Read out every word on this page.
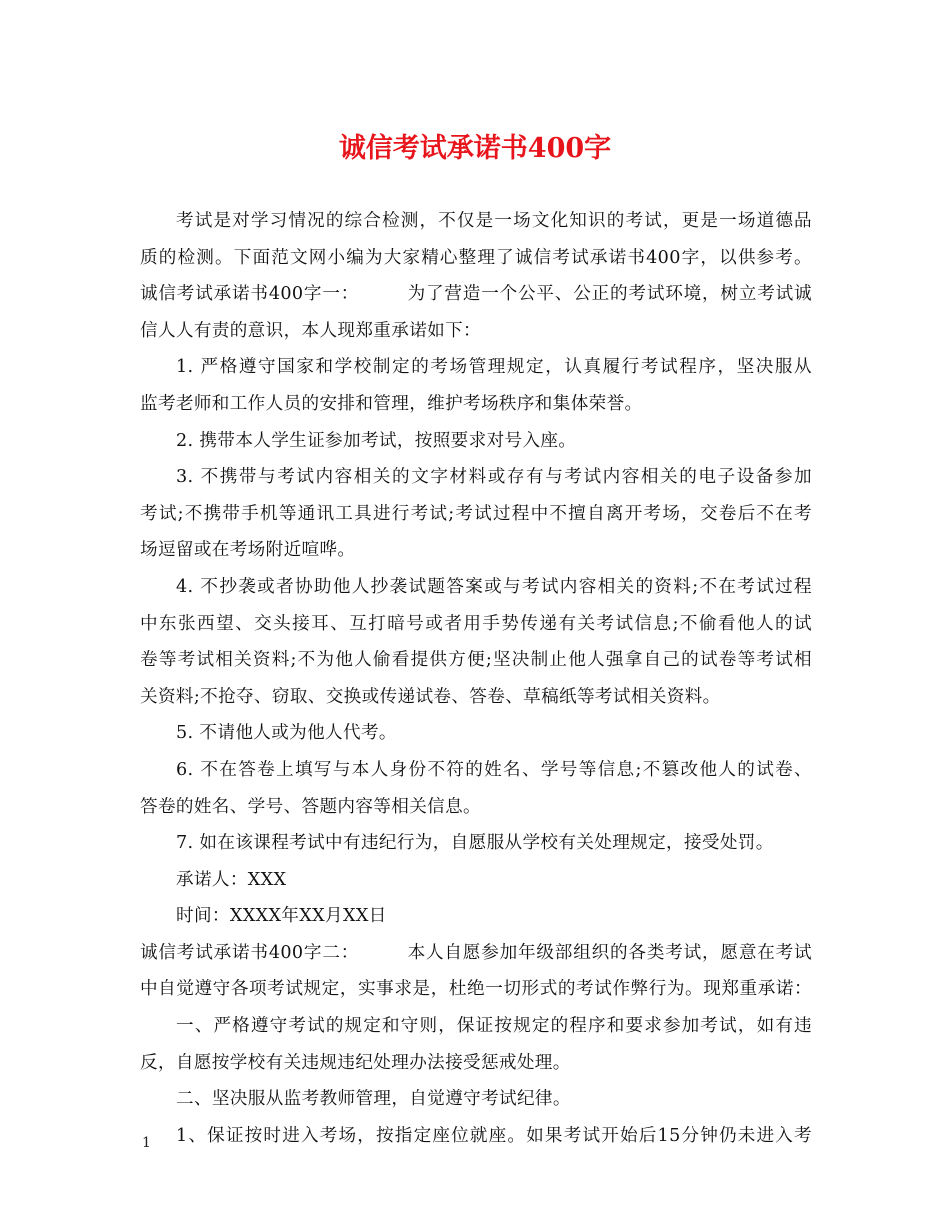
诚信考试承诺书400字
考试是对学习情况的综合检测，不仅是一场文化知识的考试，更是一场道德品
质的检测。下面范文网小编为大家精心整理了诚信考试承诺书400字，以供参考。
诚信考试承诺书400字一：	为了营造一个公平、公正的考试环境，树立考试诚
信人人有责的意识，本人现郑重承诺如下：
1. 严格遵守国家和学校制定的考场管理规定，认真履行考试程序，坚决服从
监考老师和工作人员的安排和管理，维护考场秩序和集体荣誉。
2. 携带本人学生证参加考试，按照要求对号入座。
3. 不携带与考试内容相关的文字材料或存有与考试内容相关的电子设备参加
考试;不携带手机等通讯工具进行考试;考试过程中不擅自离开考场，交卷后不在考
场逗留或在考场附近喧哗。
4. 不抄袭或者协助他人抄袭试题答案或与考试内容相关的资料;不在考试过程
中东张西望、交头接耳、互打暗号或者用手势传递有关考试信息;不偷看他人的试
卷等考试相关资料;不为他人偷看提供方便;坚决制止他人强拿自己的试卷等考试相
关资料;不抢夺、窃取、交换或传递试卷、答卷、草稿纸等考试相关资料。
5. 不请他人或为他人代考。
6. 不在答卷上填写与本人身份不符的姓名、学号等信息;不篡改他人的试卷、
答卷的姓名、学号、答题内容等相关信息。
7. 如在该课程考试中有违纪行为，自愿服从学校有关处理规定，接受处罚。
承诺人：XXX
时间：XXXX年XX月XX日
诚信考试承诺书400字二：	本人自愿参加年级部组织的各类考试，愿意在考试
中自觉遵守各项考试规定，实事求是，杜绝一切形式的考试作弊行为。现郑重承诺：
一、严格遵守考试的规定和守则，保证按规定的程序和要求参加考试，如有违
反，自愿按学校有关违规违纪处理办法接受惩戒处理。
二、坚决服从监考教师管理，自觉遵守考试纪律。
1、保证按时进入考场，按指定座位就座。如果考试开始后15分钟仍未进入考
1
